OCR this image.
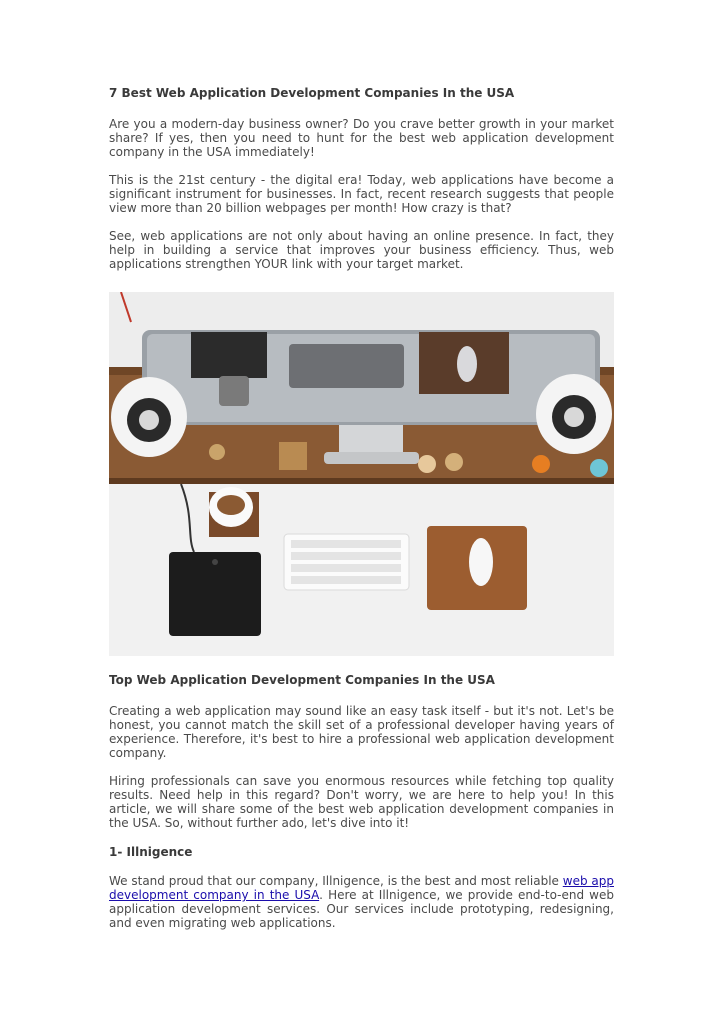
7 Best Web Application Development Companies In the USA

Are you a modern-day business owner? Do you crave better growth in your market share? If yes, then you need to hunt for the best web application development company in the USA immediately!

This is the 21st century - the digital era! Today, web applications have become a significant instrument for businesses. In fact, recent research suggests that people view more than 20 billion webpages per month! How crazy is that?

See, web applications are not only about having an online presence. In fact, they help in building a service that improves your business efficiency. Thus, web applications strengthen YOUR link with your target market.

Top Web Application Development Companies In the USA

Creating a web application may sound like an easy task itself - but it's not. Let's be honest, you cannot match the skill set of a professional developer having years of experience. Therefore, it's best to hire a professional web application development company.

Hiring professionals can save you enormous resources while fetching top quality results. Need help in this regard? Don't worry, we are here to help you! In this article, we will share some of the best web application development companies in the USA. So, without further ado, let's dive into it!

1- Illnigence

We stand proud that our company, Illnigence, is the best and most reliable web app development company in the USA. Here at Illnigence, we provide end-to-end web application development services. Our services include prototyping, redesigning, and even migrating web applications.
